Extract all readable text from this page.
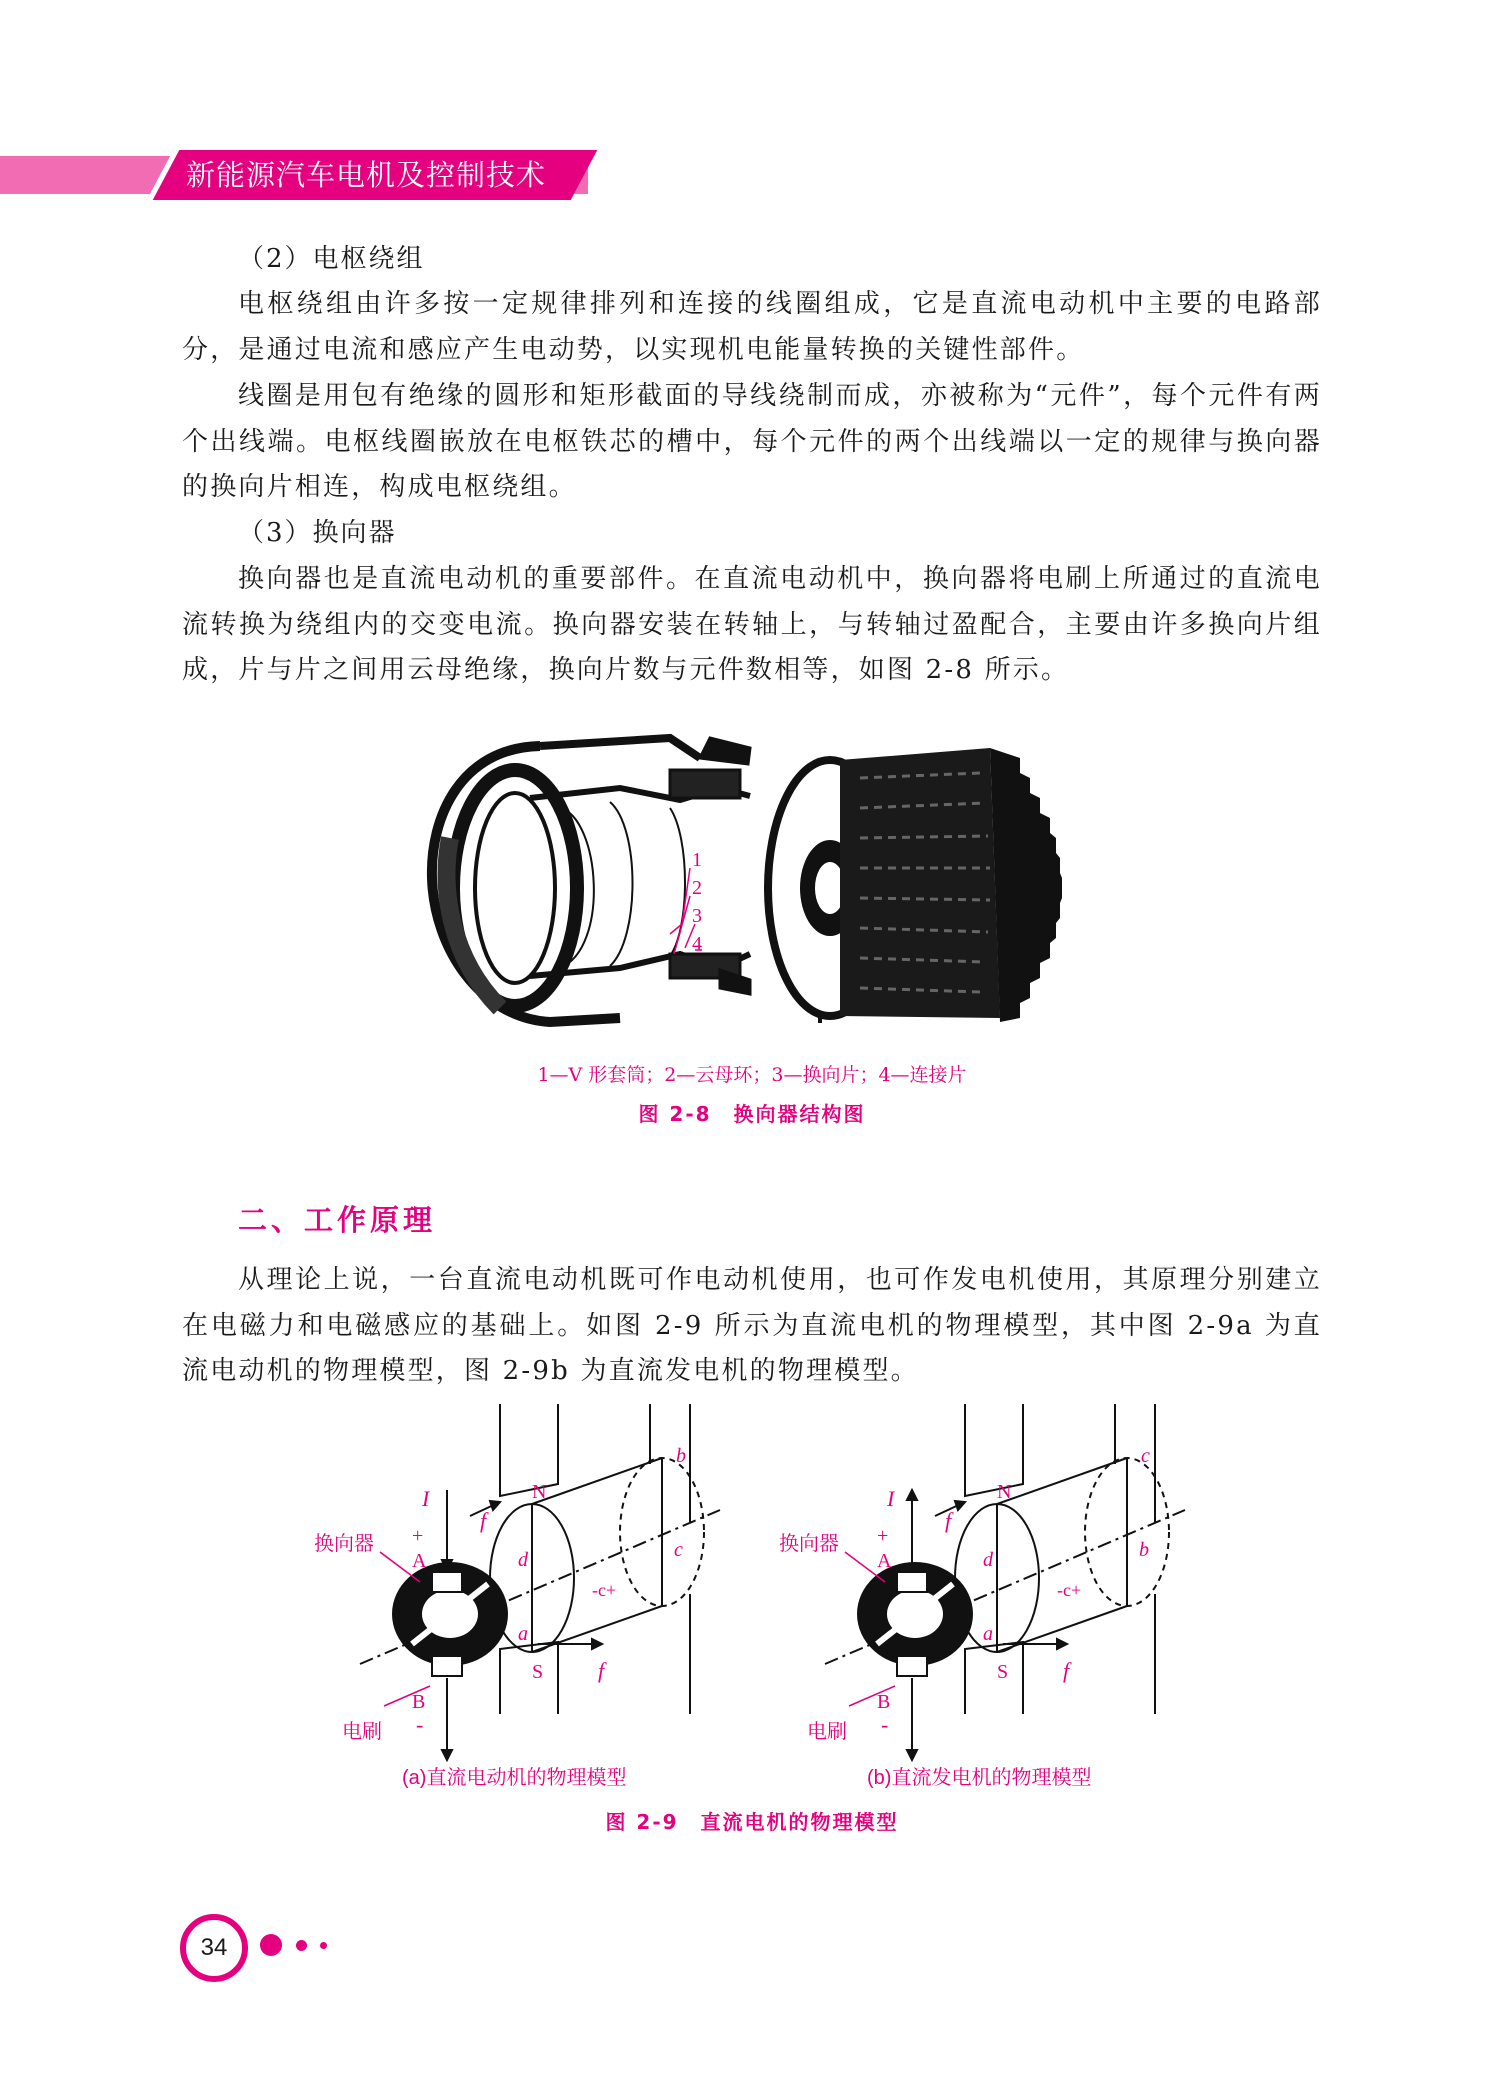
新能源汽车电机及控制技术
（2）电枢绕组

电枢绕组由许多按一定规律排列和连接的线圈组成，它是直流电动机中主要的电路部分，是通过电流和感应产生电动势，以实现机电能量转换的关键性部件。

线圈是用包有绝缘的圆形和矩形截面的导线绕制而成，亦被称为“元件”，每个元件有两个出线端。电枢线圈嵌放在电枢铁芯的槽中，每个元件的两个出线端以一定的规律与换向器的换向片相连，构成电枢绕组。

（3）换向器

换向器也是直流电动机的重要部件。在直流电动机中，换向器将电刷上所通过的直流电流转换为绕组内的交变电流。换向器安装在转轴上，与转轴过盈配合，主要由许多换向片组成，片与片之间用云母绝缘，换向片数与元件数相等，如图 2-8 所示。

1
2
3
4
1—V 形套筒；2—云母环；3—换向片；4—连接片
图 2-8　换向器结构图
二、工作原理

从理论上说，一台直流电动机既可作电动机使用，也可作发电机使用，其原理分别建立在电磁力和电磁感应的基础上。如图 2-9 所示为直流电机的物理模型，其中图 2-9a 为直流电动机的物理模型，图 2-9b 为直流发电机的物理模型。

换向器
电刷
I
+
A
B
-
N
S
f
f
a
b
c
d
-c+
(a)直流电动机的物理模型
换向器
电刷
I
+
A
B
-
N
S
f
f
a
b
c
d
-c+
(b)直流发电机的物理模型
图 2-9　直流电机的物理模型
34
